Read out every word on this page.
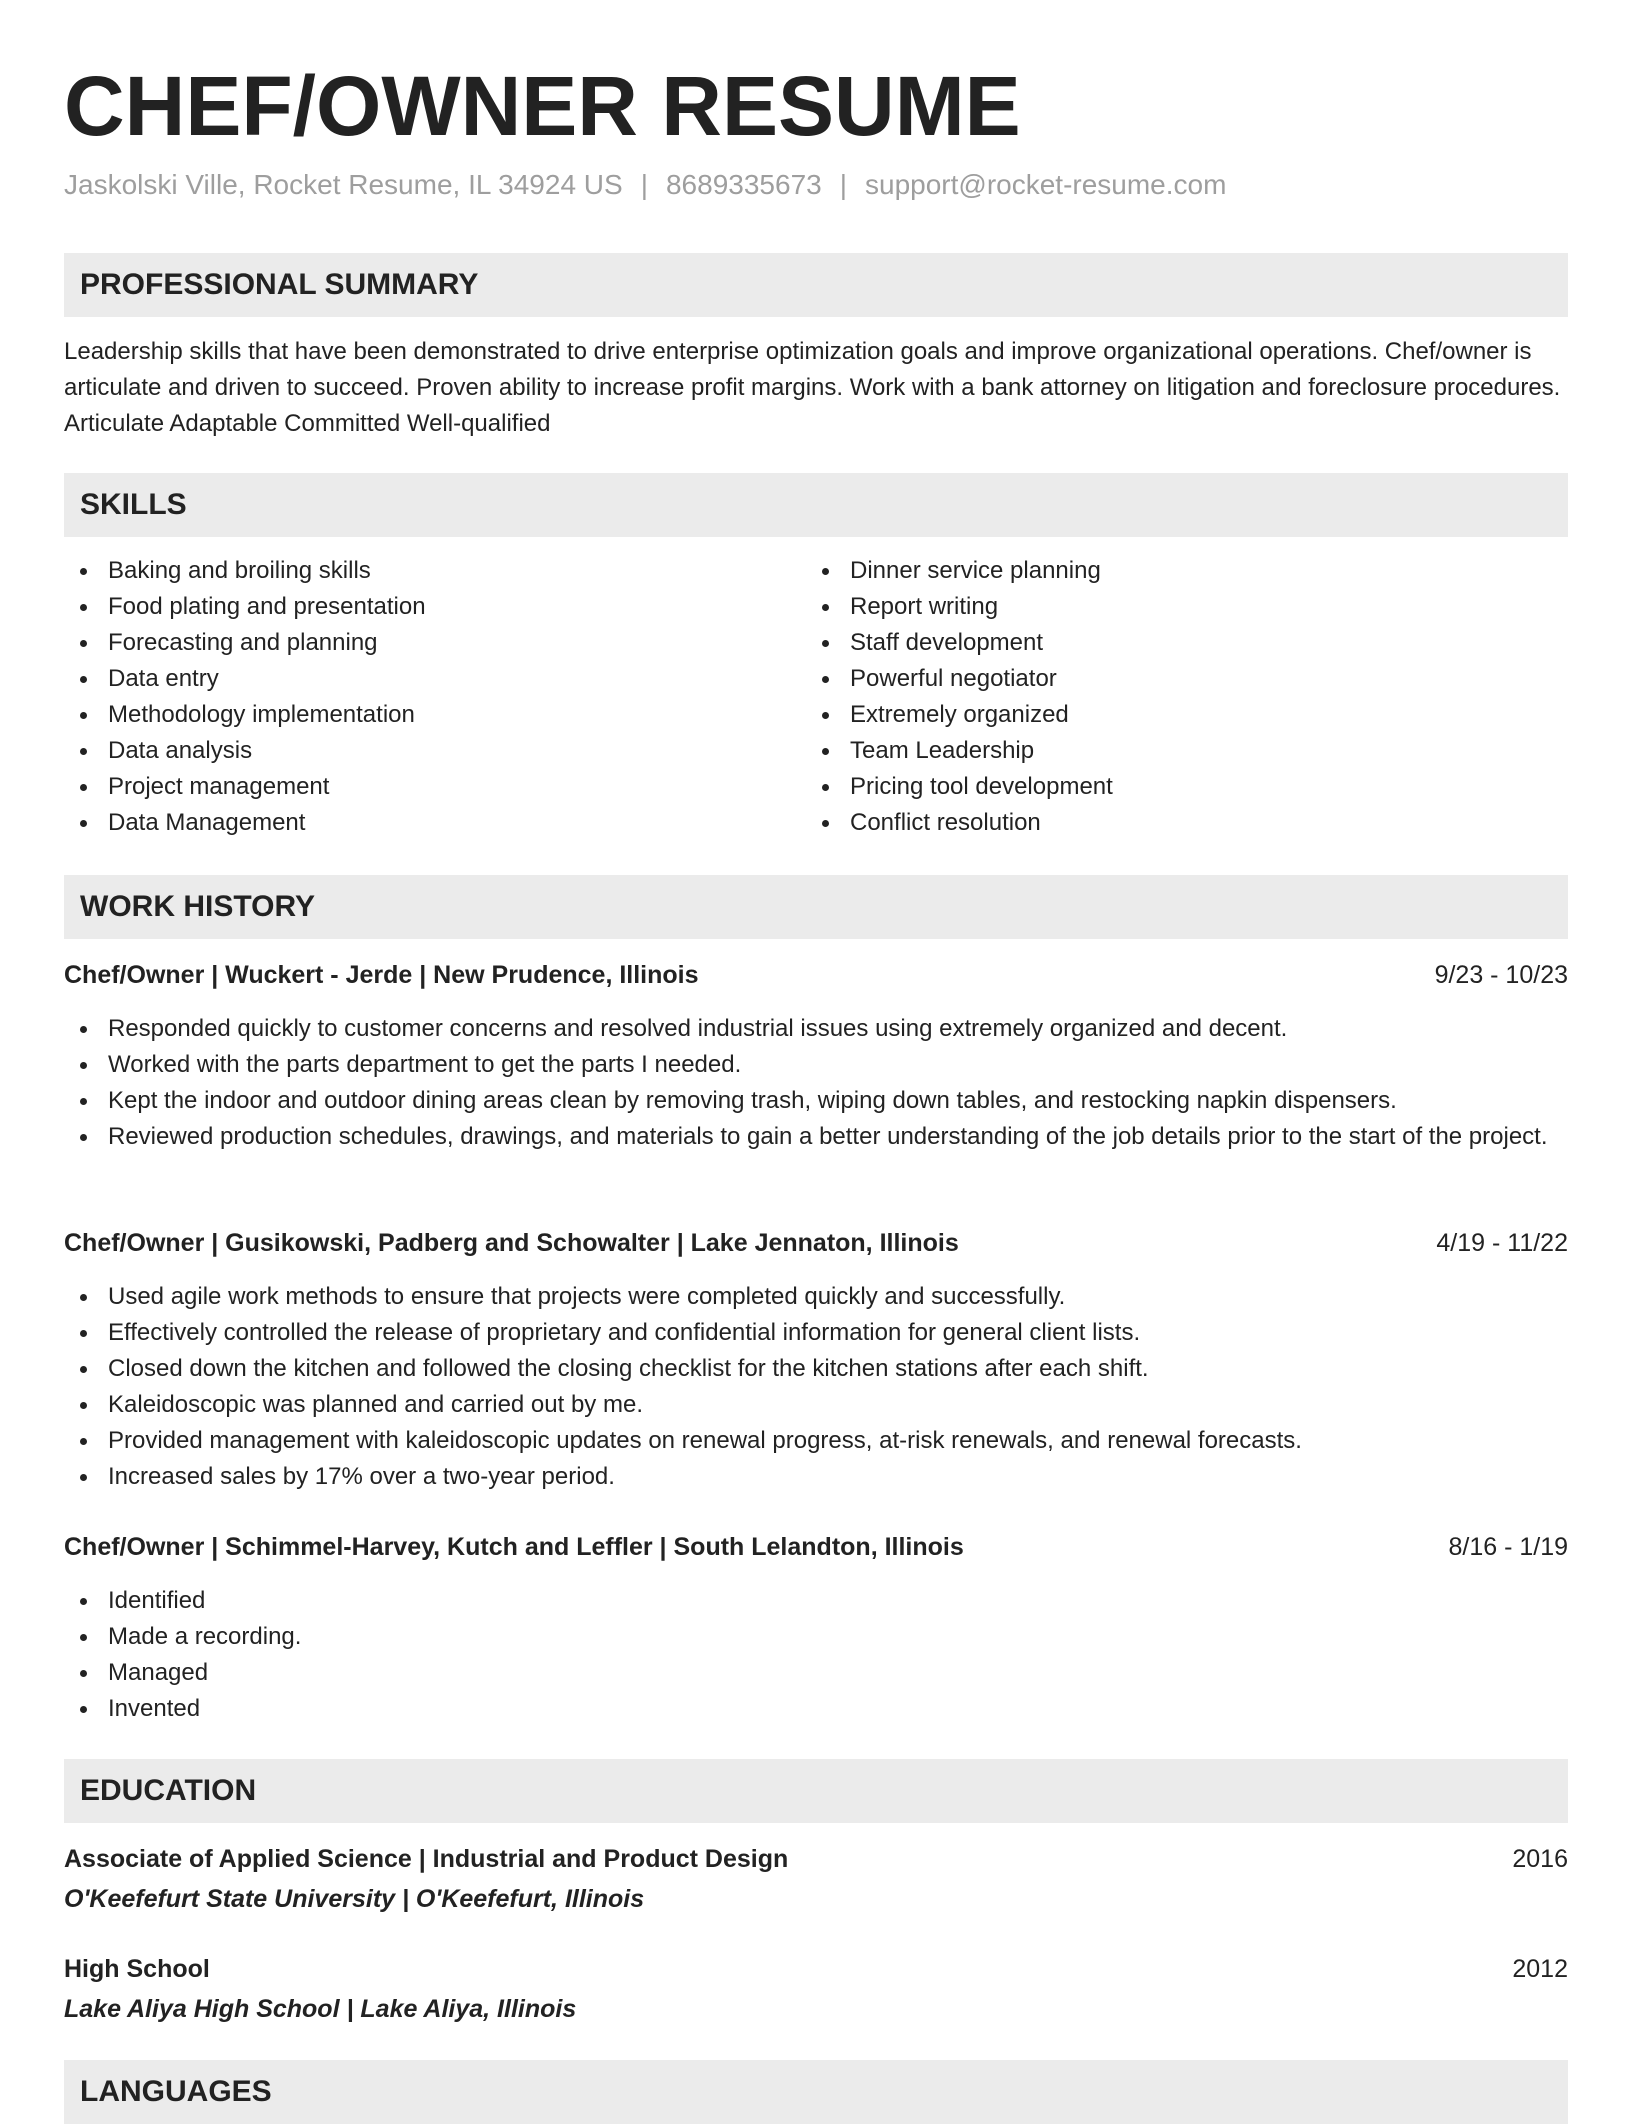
CHEF/OWNER RESUME
Jaskolski Ville, Rocket Resume, IL 34924 US | 8689335673 | support@rocket-resume.com
PROFESSIONAL SUMMARY
Leadership skills that have been demonstrated to drive enterprise optimization goals and improve organizational operations. Chef/owner is articulate and driven to succeed. Proven ability to increase profit margins. Work with a bank attorney on litigation and foreclosure procedures. Articulate Adaptable Committed Well-qualified
SKILLS
Baking and broiling skills
Food plating and presentation
Forecasting and planning
Data entry
Methodology implementation
Data analysis
Project management
Data Management
Dinner service planning
Report writing
Staff development
Powerful negotiator
Extremely organized
Team Leadership
Pricing tool development
Conflict resolution
WORK HISTORY
Chef/Owner | Wuckert - Jerde | New Prudence, Illinois	9/23 - 10/23
Responded quickly to customer concerns and resolved industrial issues using extremely organized and decent.
Worked with the parts department to get the parts I needed.
Kept the indoor and outdoor dining areas clean by removing trash, wiping down tables, and restocking napkin dispensers.
Reviewed production schedules, drawings, and materials to gain a better understanding of the job details prior to the start of the project.
Chef/Owner | Gusikowski, Padberg and Schowalter | Lake Jennaton, Illinois	4/19 - 11/22
Used agile work methods to ensure that projects were completed quickly and successfully.
Effectively controlled the release of proprietary and confidential information for general client lists.
Closed down the kitchen and followed the closing checklist for the kitchen stations after each shift.
Kaleidoscopic was planned and carried out by me.
Provided management with kaleidoscopic updates on renewal progress, at-risk renewals, and renewal forecasts.
Increased sales by 17% over a two-year period.
Chef/Owner | Schimmel-Harvey, Kutch and Leffler | South Lelandton, Illinois	8/16 - 1/19
Identified
Made a recording.
Managed
Invented
EDUCATION
Associate of Applied Science | Industrial and Product Design	2016
O'Keefefurt State University | O'Keefefurt, Illinois
High School	2012
Lake Aliya High School | Lake Aliya, Illinois
LANGUAGES
